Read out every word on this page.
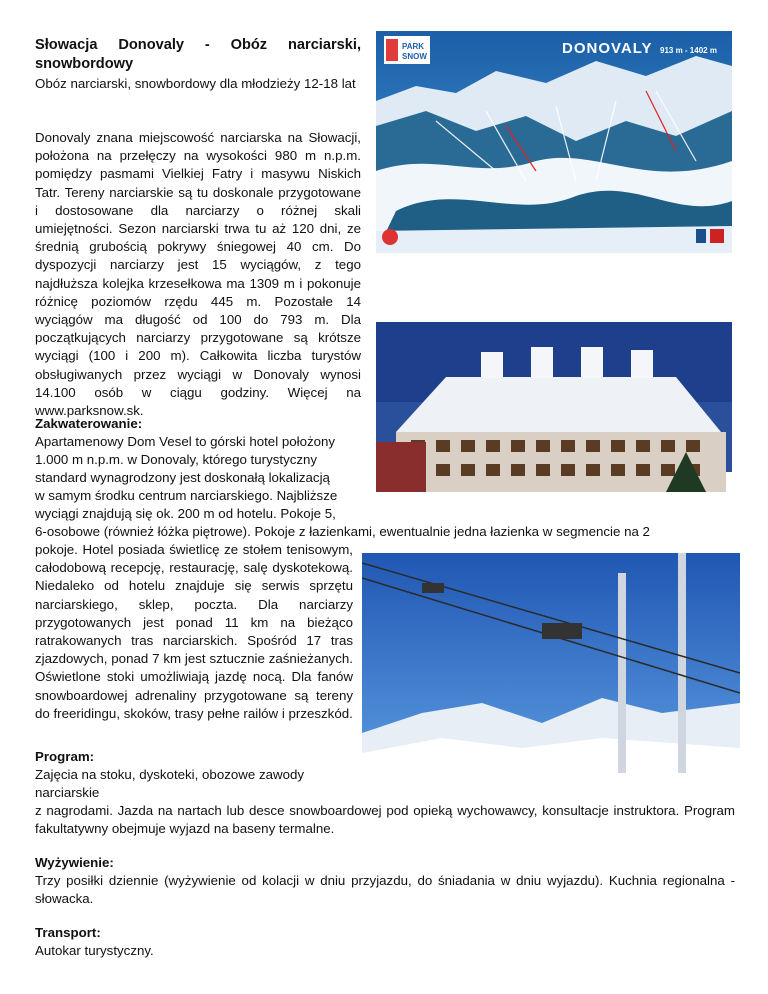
Słowacja Donovaly - Obóz narciarski, snowbordowy
Obóz narciarski, snowbordowy dla młodzieży 12-18 lat
Donovaly znana miejscowość narciarska na Słowacji, położona na przełęczy na wysokości 980 m n.p.m. pomiędzy pasmami Vielkiej Fatry i masywu Niskich Tatr. Tereny narciarskie są tu doskonale przygotowane i dostosowane dla narciarzy o różnej skali umiejętności. Sezon narciarski trwa tu aż 120 dni, ze średnią grubością pokrywy śniegowej 40 cm. Do dyspozycji narciarzy jest 15 wyciągów, z tego najdłuższa kolejka krzesełkowa ma 1309 m i pokonuje różnicę poziomów rzędu 445 m. Pozostałe 14 wyciągów ma długość od 100 do 793 m. Dla początkujących narciarzy przygotowane są krótsze wyciągi (100 i 200 m). Całkowita liczba turystów obsługiwanych przez wyciągi w Donovaly wynosi 14.100 osób w ciągu godziny. Więcej na www.parksnow.sk.
PARK
SNOW	DONOVALY 913 m - 1402 m
Zakwaterowanie:
Apartamenowy Dom Vesel to górski hotel położony
1.000 m n.p.m. w Donovaly, którego turystyczny
standard wynagrodzony jest doskonałą lokalizacją
w samym środku centrum narciarskiego. Najbliższe
wyciągi znajdują się ok. 200 m od hotelu. Pokoje 5,
6-osobowe (również łóżka piętrowe). Pokoje z łazienkami, ewentualnie jedna łazienka w segmencie na 2
pokoje. Hotel posiada świetlicę ze stołem tenisowym, całodobową recepcję, restaurację, salę dyskotekową. Niedaleko od hotelu znajduje się serwis sprzętu narciarskiego, sklep, poczta. Dla narciarzy przygotowanych jest ponad 11 km na bieżąco ratrakowanych tras narciarskich. Spośród 17 tras zjazdowych, ponad 7 km jest sztucznie zaśnieżanych. Oświetlone stoki umożliwiają jazdę nocą. Dla fanów snowboardowej adrenaliny przygotowane są tereny do freeridingu, skoków, trasy pełne railów i przeszkód.
Program:
Zajęcia na stoku, dyskoteki, obozowe zawody
narciarskie
z nagrodami. Jazda na nartach lub desce snowboardowej pod opieką wychowawcy, konsultacje instruktora. Program fakultatywny obejmuje wyjazd na baseny termalne.
Wyżywienie:
Trzy posiłki dziennie (wyżywienie od kolacji w dniu przyjazdu, do śniadania w dniu wyjazdu). Kuchnia regionalna - słowacka.
Transport:
Autokar turystyczny.
